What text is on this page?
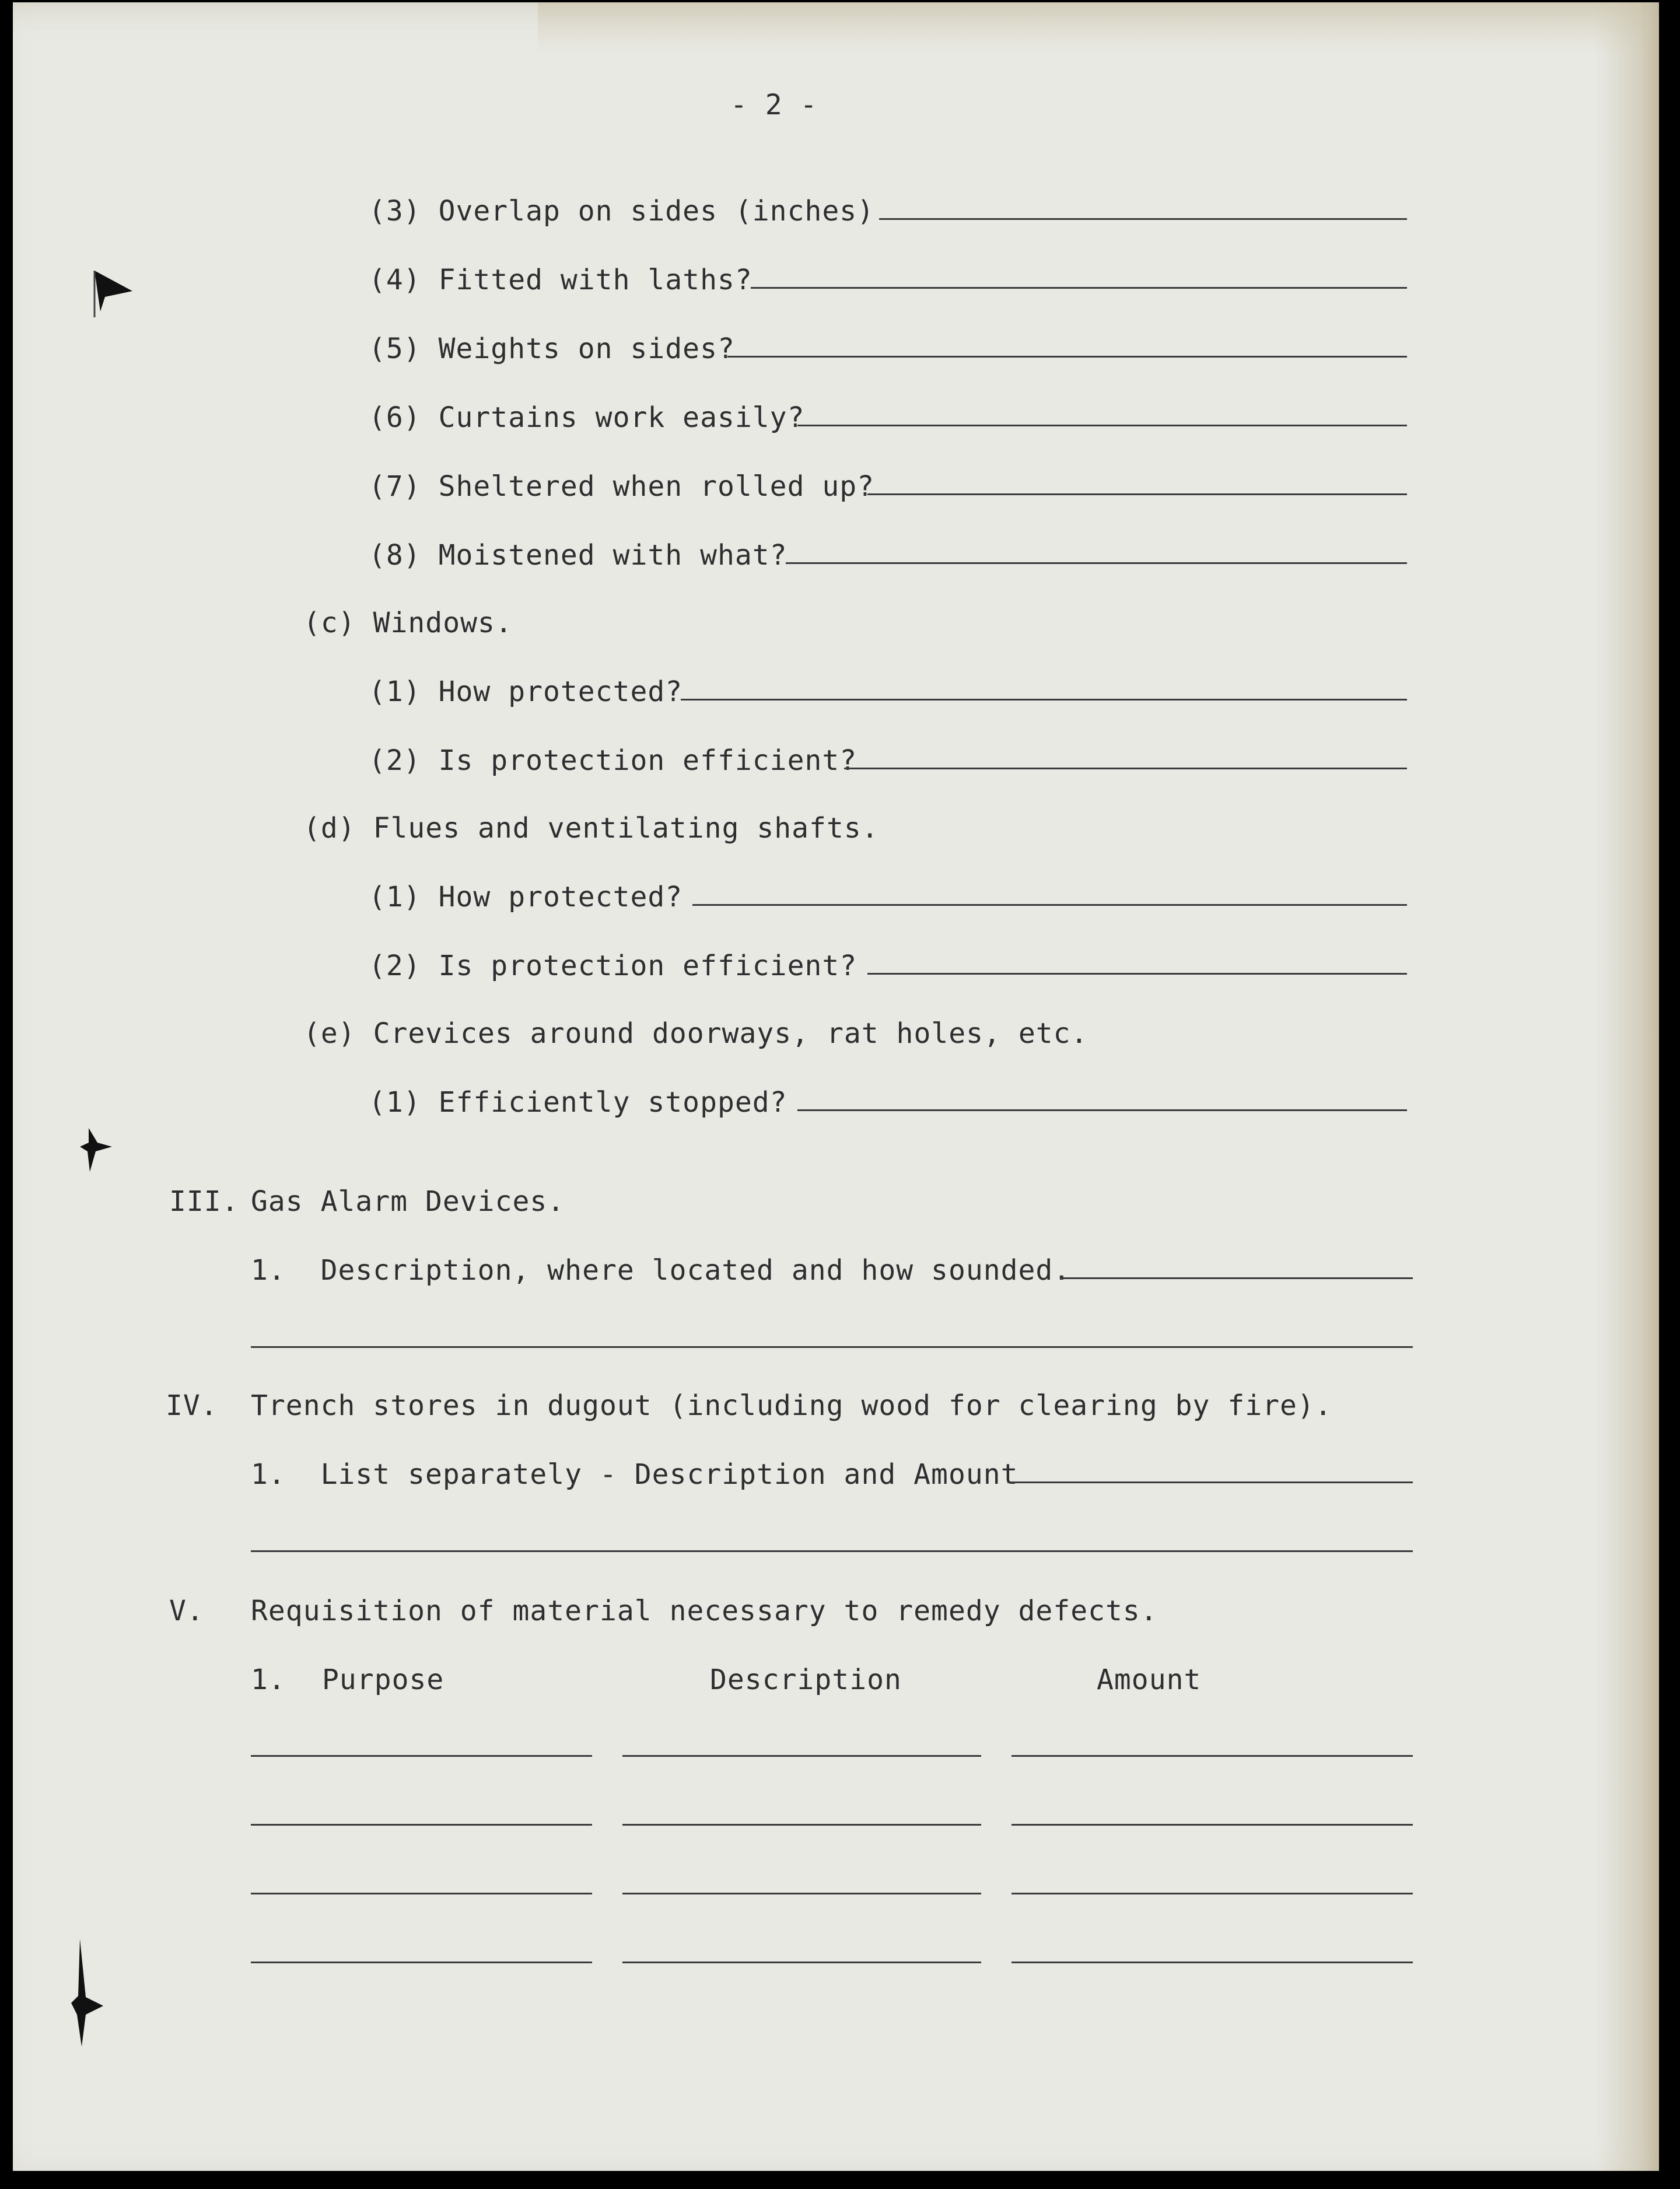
- 2 -
(3) Overlap on sides (inches)
(4) Fitted with laths?
(5) Weights on sides?
(6) Curtains work easily?
(7) Sheltered when rolled up?
(8) Moistened with what?
(c) Windows.
(1) How protected?
(2) Is protection efficient?
(d) Flues and ventilating shafts.
(1) How protected?
(2) Is protection efficient?
(e) Crevices around doorways, rat holes, etc.
(1) Efficiently stopped?
III. Gas Alarm Devices.
1.  Description, where located and how sounded.
IV. Trench stores in dugout (including wood for clearing by fire).
1.  List separately - Description and Amount
V. Requisition of material necessary to remedy defects.
1. Purpose	Description	Amount
